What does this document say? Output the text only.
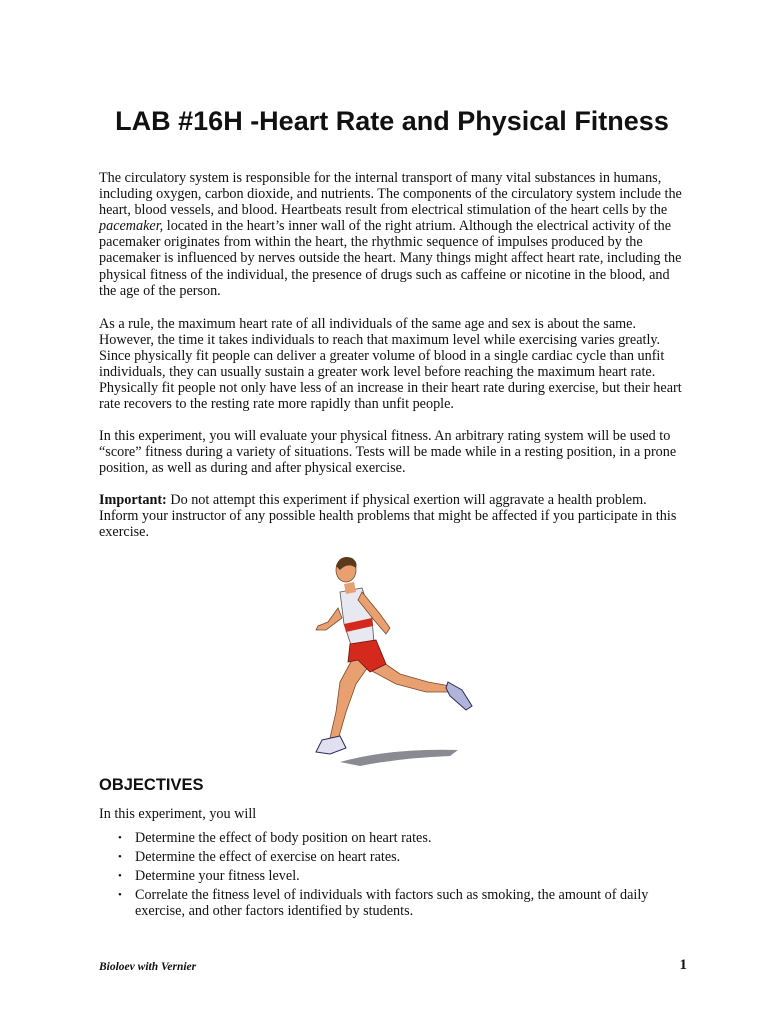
LAB #16H -Heart Rate and Physical Fitness

The circulatory system is responsible for the internal transport of many vital substances in humans, including oxygen, carbon dioxide, and nutrients. The components of the circulatory system include the heart, blood vessels, and blood. Heartbeats result from electrical stimulation of the heart cells by the pacemaker, located in the heart’s inner wall of the right atrium. Although the electrical activity of the pacemaker originates from within the heart, the rhythmic sequence of impulses produced by the pacemaker is influenced by nerves outside the heart. Many things might affect heart rate, including the physical fitness of the individual, the presence of drugs such as caffeine or nicotine in the blood, and the age of the person.

As a rule, the maximum heart rate of all individuals of the same age and sex is about the same. However, the time it takes individuals to reach that maximum level while exercising varies greatly. Since physically fit people can deliver a greater volume of blood in a single cardiac cycle than unfit individuals, they can usually sustain a greater work level before reaching the maximum heart rate. Physically fit people not only have less of an increase in their heart rate during exercise, but their heart rate recovers to the resting rate more rapidly than unfit people.

In this experiment, you will evaluate your physical fitness. An arbitrary rating system will be used to “score” fitness during a variety of situations. Tests will be made while in a resting position, in a prone position, as well as during and after physical exercise.

Important: Do not attempt this experiment if physical exertion will aggravate a health problem. Inform your instructor of any possible health problems that might be affected if you participate in this exercise.

OBJECTIVES

In this experiment, you will

• Determine the effect of body position on heart rates.
• Determine the effect of exercise on heart rates.
• Determine your fitness level.
• Correlate the fitness level of individuals with factors such as smoking, the amount of daily exercise, and other factors identified by students.

Bioloev with Vernier	1
